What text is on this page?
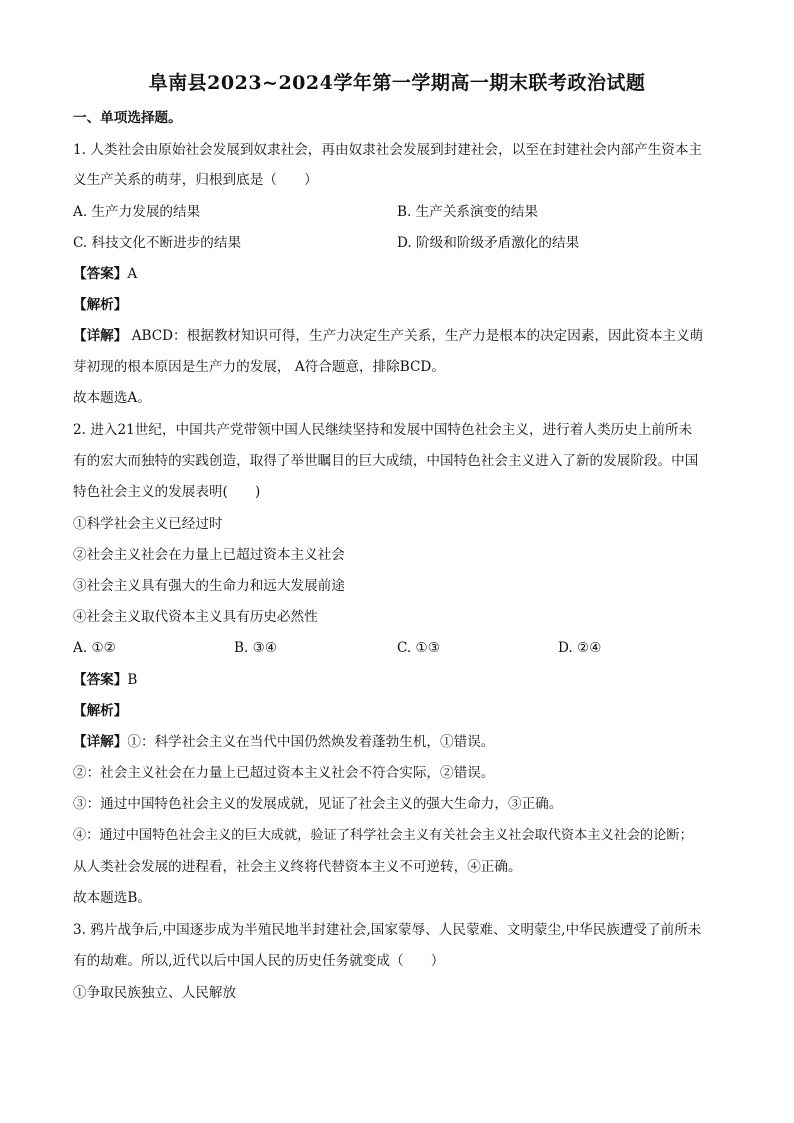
阜南县2023~2024学年第一学期高一期末联考政治试题
一、单项选择题。
1. 人类社会由原始社会发展到奴隶社会，再由奴隶社会发展到封建社会，以至在封建社会内部产生资本主
义生产关系的萌芽，归根到底是（　　）
A. 生产力发展的结果	B. 生产关系演变的结果
C. 科技文化不断进步的结果	D. 阶级和阶级矛盾激化的结果
【答案】A
【解析】
【详解】 ABCD：根据教材知识可得，生产力决定生产关系，生产力是根本的决定因素，因此资本主义萌
芽初现的根本原因是生产力的发展， A符合题意，排除BCD。
故本题选A。
2. 进入21世纪，中国共产党带领中国人民继续坚持和发展中国特色社会主义，进行着人类历史上前所未
有的宏大而独特的实践创造，取得了举世瞩目的巨大成绩，中国特色社会主义进入了新的发展阶段。中国
特色社会主义的发展表明(　　)
①科学社会主义已经过时
②社会主义社会在力量上已超过资本主义社会
③社会主义具有强大的生命力和远大发展前途
④社会主义取代资本主义具有历史必然性
A. ①②	B. ③④	C. ①③	D. ②④
【答案】B
【解析】
【详解】①：科学社会主义在当代中国仍然焕发着蓬勃生机，①错误。
②：社会主义社会在力量上已超过资本主义社会不符合实际，②错误。
③：通过中国特色社会主义的发展成就，见证了社会主义的强大生命力，③正确。
④：通过中国特色社会主义的巨大成就，验证了科学社会主义有关社会主义社会取代资本主义社会的论断；
从人类社会发展的进程看，社会主义终将代替资本主义不可逆转，④正确。
故本题选B。
3. 鸦片战争后,中国逐步成为半殖民地半封建社会,国家蒙辱、人民蒙难、文明蒙尘,中华民族遭受了前所未
有的劫难。所以,近代以后中国人民的历史任务就变成（　　）
①争取民族独立、人民解放
